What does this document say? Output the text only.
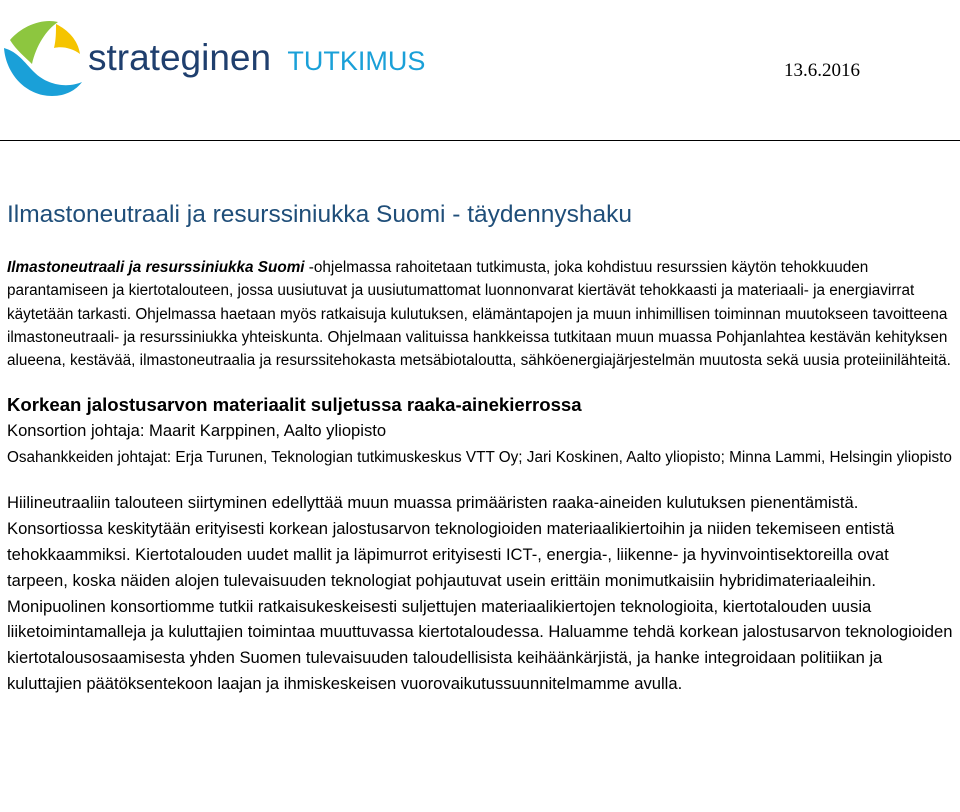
strateginen TUTKIMUS	13.6.2016
Ilmastoneutraali ja resurssiniukka Suomi - täydennyshaku

Ilmastoneutraali ja resurssiniukka Suomi -ohjelmassa rahoitetaan tutkimusta, joka kohdistuu resurssien käytön tehokkuuden parantamiseen ja kiertotalouteen, jossa uusiutuvat ja uusiutumattomat luonnonvarat kiertävät tehokkaasti ja materiaali- ja energiavirrat käytetään tarkasti. Ohjelmassa haetaan myös ratkaisuja kulutuksen, elämäntapojen ja muun inhimillisen toiminnan muutokseen tavoitteena ilmastoneutraali- ja resurssiniukka yhteiskunta. Ohjelmaan valituissa hankkeissa tutkitaan muun muassa Pohjanlahtea kestävän kehityksen alueena, kestävää, ilmastoneutraalia ja resurssitehokasta metsäbiotaloutta, sähköenergiajärjestelmän muutosta sekä uusia proteiinilähteitä.

Korkean jalostusarvon materiaalit suljetussa raaka-ainekierrossa

Konsortion johtaja: Maarit Karppinen, Aalto yliopisto

Osahankkeiden johtajat: Erja Turunen, Teknologian tutkimuskeskus VTT Oy; Jari Koskinen, Aalto yliopisto; Minna Lammi, Helsingin yliopisto

Hiilineutraaliin talouteen siirtyminen edellyttää muun muassa primääristen raaka-aineiden kulutuksen pienentämistä. Konsortiossa keskitytään erityisesti korkean jalostusarvon teknologioiden materiaalikiertoihin ja niiden tekemiseen entistä tehokkaammiksi. Kiertotalouden uudet mallit ja läpimurrot erityisesti ICT-, energia-, liikenne- ja hyvinvointisektoreilla ovat tarpeen, koska näiden alojen tulevaisuuden teknologiat pohjautuvat usein erittäin monimutkaisiin hybridimateriaaleihin. Monipuolinen konsortiomme tutkii ratkaisukeskeisesti suljettujen materiaalikiertojen teknologioita, kiertotalouden uusia liiketoimintamalleja ja kuluttajien toimintaa muuttuvassa kiertotaloudessa. Haluamme tehdä korkean jalostusarvon teknologioiden kiertotalousosaamisesta yhden Suomen tulevaisuuden taloudellisista keihäänkärjistä, ja hanke integroidaan politiikan ja kuluttajien päätöksentekoon laajan ja ihmiskeskeisen vuorovaikutussuunnitelmamme avulla.
